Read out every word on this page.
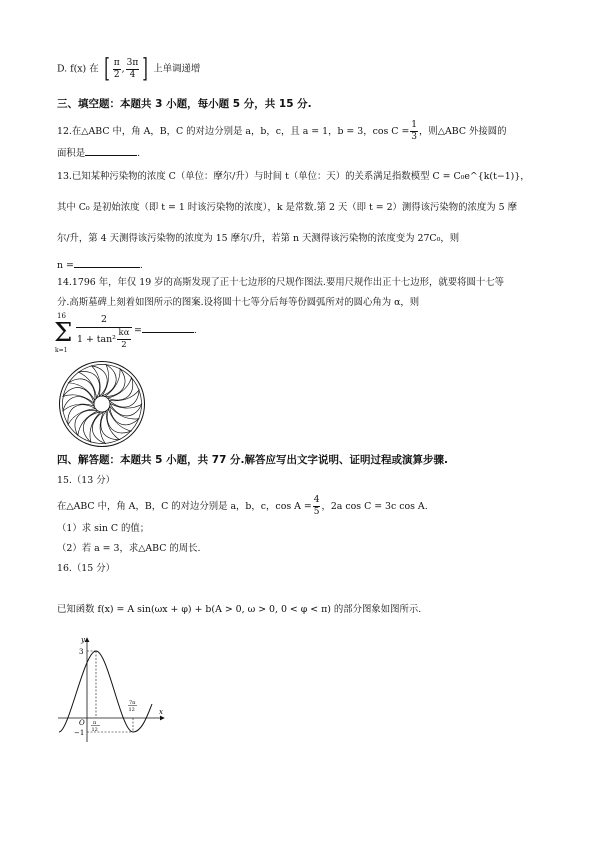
D. f(x) 在 [ $\frac{\pi}{2}$ , $\frac{3\pi}{4}$ ] 上单调递增
三、填空题：本题共 3 小题，每小题 5 分，共 15 分.
12.在△ABC 中，角 A，B，C 的对边分别是 a，b，c，且 a = 1，b = 3，$\cos C = \frac{1}{3}$ ，则△ABC 外接圆的
面积是	.
13.已知某种污染物的浓度 C（单位：摩尔/升）与时间 t（单位：天）的关系满足指数模型 C = C₀e^{k(t−1)}，
其中 C₀ 是初始浓度（即 t = 1 时该污染物的浓度），k 是常数.第 2 天（即 t = 2）测得该污染物的浓度为 5 摩
尔/升，第 4 天测得该污染物的浓度为 15 摩尔/升，若第 n 天测得该污染物的浓度变为 27C₀，则
n =	.
14.1796 年，年仅 19 岁的高斯发现了正十七边形的尺规作图法.要用尺规作出正十七边形，就要将圆十七等
分.高斯墓碑上刻着如图所示的图案.设将圆十七等分后每等份圆弧所对的圆心角为 α，则
16
Σ
k=1
2
1 + tan²
kα
2
=	.
四、解答题：本题共 5 小题，共 77 分.解答应写出文字说明、证明过程或演算步骤.
15.（13 分）
在△ABC 中，角 A，B，C 的对边分别是 a，b，c，$\cos A = \frac{4}{5}$ ，2a cos C = 3c cos A.
（1）求 sin C 的值；
（2）若 a = 3，求△ABC 的周长.
16.（15 分）
已知函数 f(x) = A sin(ωx + φ) + b(A > 0, ω > 0, 0 < φ < π) 的部分图象如图所示.
y
x
3
O
−1
π
12
7π
12
